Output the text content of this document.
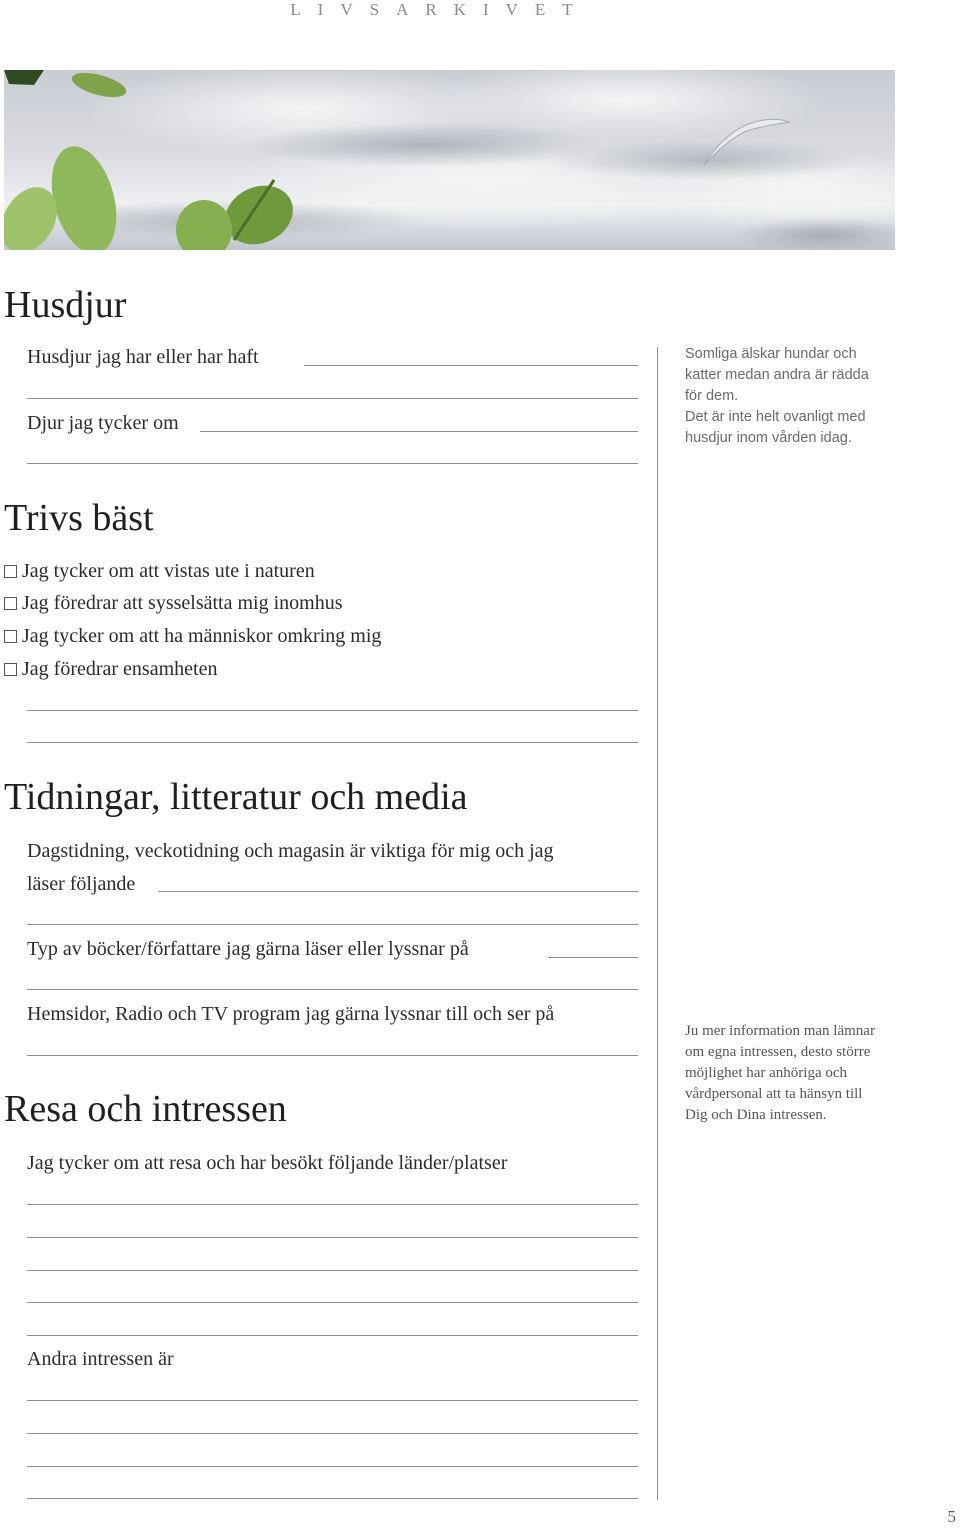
LIVSARKIVET
Husdjur
Husdjur jag har eller har haft
Djur jag tycker om
Somliga älskar hundar och
katter medan andra är rädda
för dem.
Det är inte helt ovanligt med
husdjur inom vården idag.
Trivs bäst
Jag tycker om att vistas ute i naturen
Jag föredrar att sysselsätta mig inomhus
Jag tycker om att ha människor omkring mig
Jag föredrar ensamheten
Tidningar, litteratur och media
Dagstidning, veckotidning och magasin är viktiga för mig och jag
läser följande
Typ av böcker/författare jag gärna läser eller lyssnar på
Hemsidor, Radio och TV program jag gärna lyssnar till och ser på
Ju mer information man lämnar
om egna intressen, desto större
möjlighet har anhöriga och
vårdpersonal att ta hänsyn till
Dig och Dina intressen.
Resa och intressen
Jag tycker om att resa och har besökt följande länder/platser
Andra intressen är
5
